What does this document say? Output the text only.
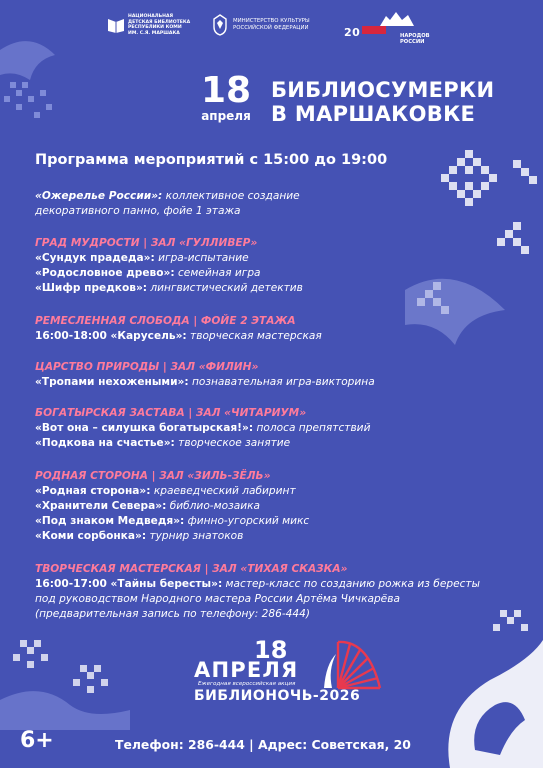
НАЦИОНАЛЬНАЯ
ДЕТСКАЯ БИБЛИОТЕКА
РЕСПУБЛИКИ КОМИ
ИМ. С.Я. МАРШАКА
МИНИСТЕРСТВО КУЛЬТУРЫ
РОССИЙСКОЙ ФЕДЕРАЦИИ	20	НАРОДОВ
РОССИИ
18
апреля
БИБЛИОСУМЕРКИ
В МАРШАКОВКЕ
Программа мероприятий с 15:00 до 19:00
«Ожерелье России»: коллективное создание
декоративного панно, фойе 1 этажа
ГРАД МУДРОСТИ | ЗАЛ «ГУЛЛИВЕР»
«Сундук прадеда»: игра-испытание
«Родословное древо»: семейная игра
«Шифр предков»: лингвистический детектив
РЕМЕСЛЕННАЯ СЛОБОДА | ФОЙЕ 2 ЭТАЖА
16:00-18:00 «Карусель»: творческая мастерская
ЦАРСТВО ПРИРОДЫ | ЗАЛ «ФИЛИН»
«Тропами нехожеными»: познавательная игра-викторина
БОГАТЫРСКАЯ ЗАСТАВА | ЗАЛ «ЧИТАРИУМ»
«Вот она – силушка богатырская!»: полоса препятствий
«Подкова на счастье»: творческое занятие
РОДНАЯ СТОРОНА | ЗАЛ «ЗИЛЬ-ЗЁЛЬ»
«Родная сторона»: краеведческий лабиринт
«Хранители Севера»: библио-мозаика
«Под знаком Медведя»: финно-угорский микс
«Коми сорбонка»: турнир знатоков
ТВОРЧЕСКАЯ МАСТЕРСКАЯ | ЗАЛ «ТИХАЯ СКАЗКА»
16:00-17:00 «Тайны бересты»: мастер-класс по созданию рожка из бересты
под руководством Народного мастера России Артёма Чичкарёва
(предварительная запись по телефону: 286-444)
18
АПРЕЛЯ
Ежегодная всероссийская акция
БИБЛИОНОЧЬ-2026
6+	Телефон: 286-444 | Адрес: Советская, 20
